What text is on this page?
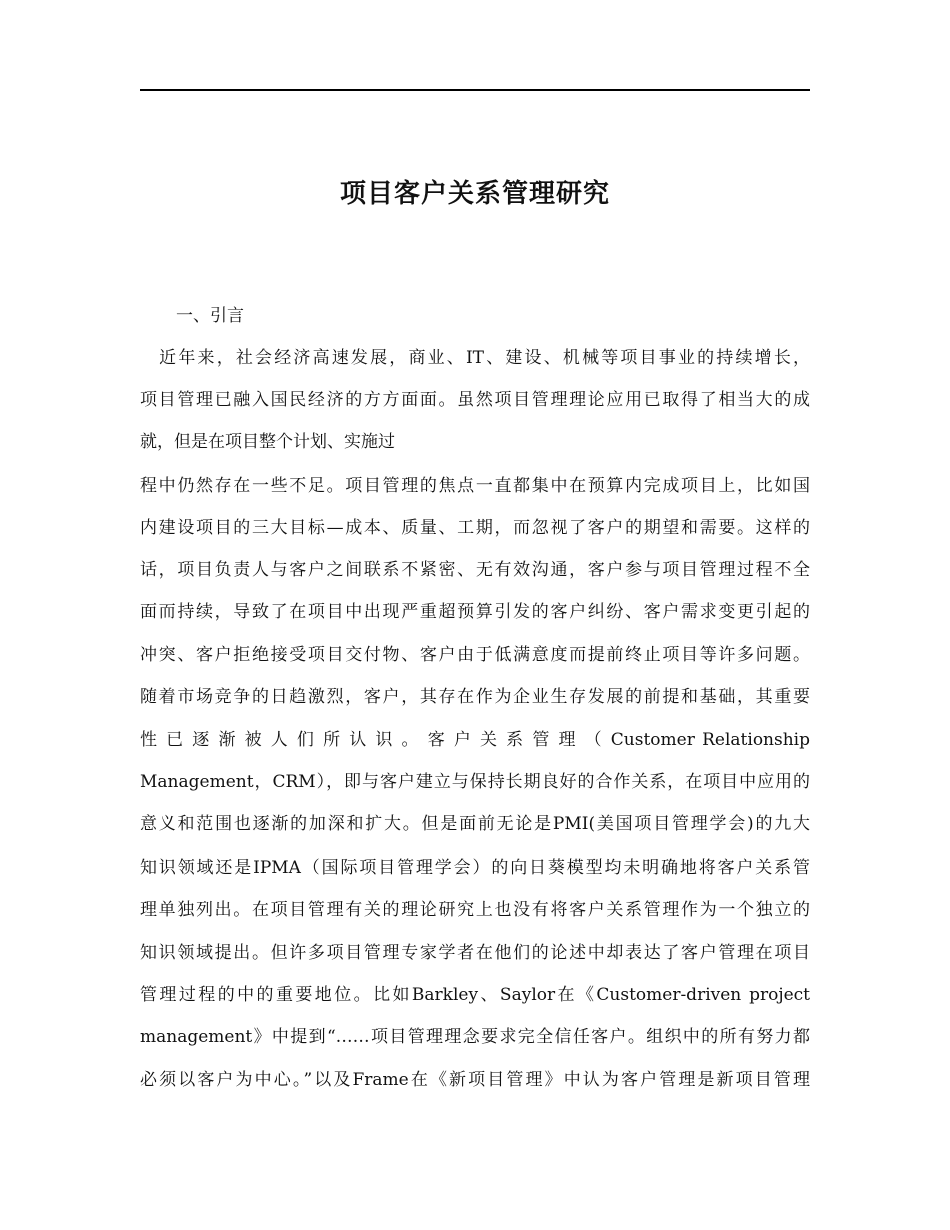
项目客户关系管理研究

一、引言

　近年来，社会经济高速发展，商业、IT、建设、机械等项目事业的持续增长，

项目管理已融入国民经济的方方面面。虽然项目管理理论应用已取得了相当大的成

就，但是在项目整个计划、实施过

程中仍然存在一些不足。项目管理的焦点一直都集中在预算内完成项目上，比如国

内建设项目的三大目标—成本、质量、工期，而忽视了客户的期望和需要。这样的

话，项目负责人与客户之间联系不紧密、无有效沟通，客户参与项目管理过程不全

面而持续，导致了在项目中出现严重超预算引发的客户纠纷、客户需求变更引起的

冲突、客户拒绝接受项目交付物、客户由于低满意度而提前终止项目等许多问题。

随着市场竞争的日趋激烈，客户，其存在作为企业生存发展的前提和基础，其重要

性 已 逐 渐 被 人 们 所 认 识 。 客 户 关 系 管 理 （ Customer Relationship

Management，CRM），即与客户建立与保持长期良好的合作关系，在项目中应用的

意义和范围也逐渐的加深和扩大。但是面前无论是PMI(美国项目管理学会)的九大

知识领域还是IPMA（国际项目管理学会）的向日葵模型均未明确地将客户关系管

理单独列出。在项目管理有关的理论研究上也没有将客户关系管理作为一个独立的

知识领域提出。但许多项目管理专家学者在他们的论述中却表达了客户管理在项目

管理过程的中的重要地位。比如Barkley、Saylor在《Customer-driven project

management》中提到“……项目管理理念要求完全信任客户。组织中的所有努力都

必须以客户为中心。”以及Frame在《新项目管理》中认为客户管理是新项目管理
